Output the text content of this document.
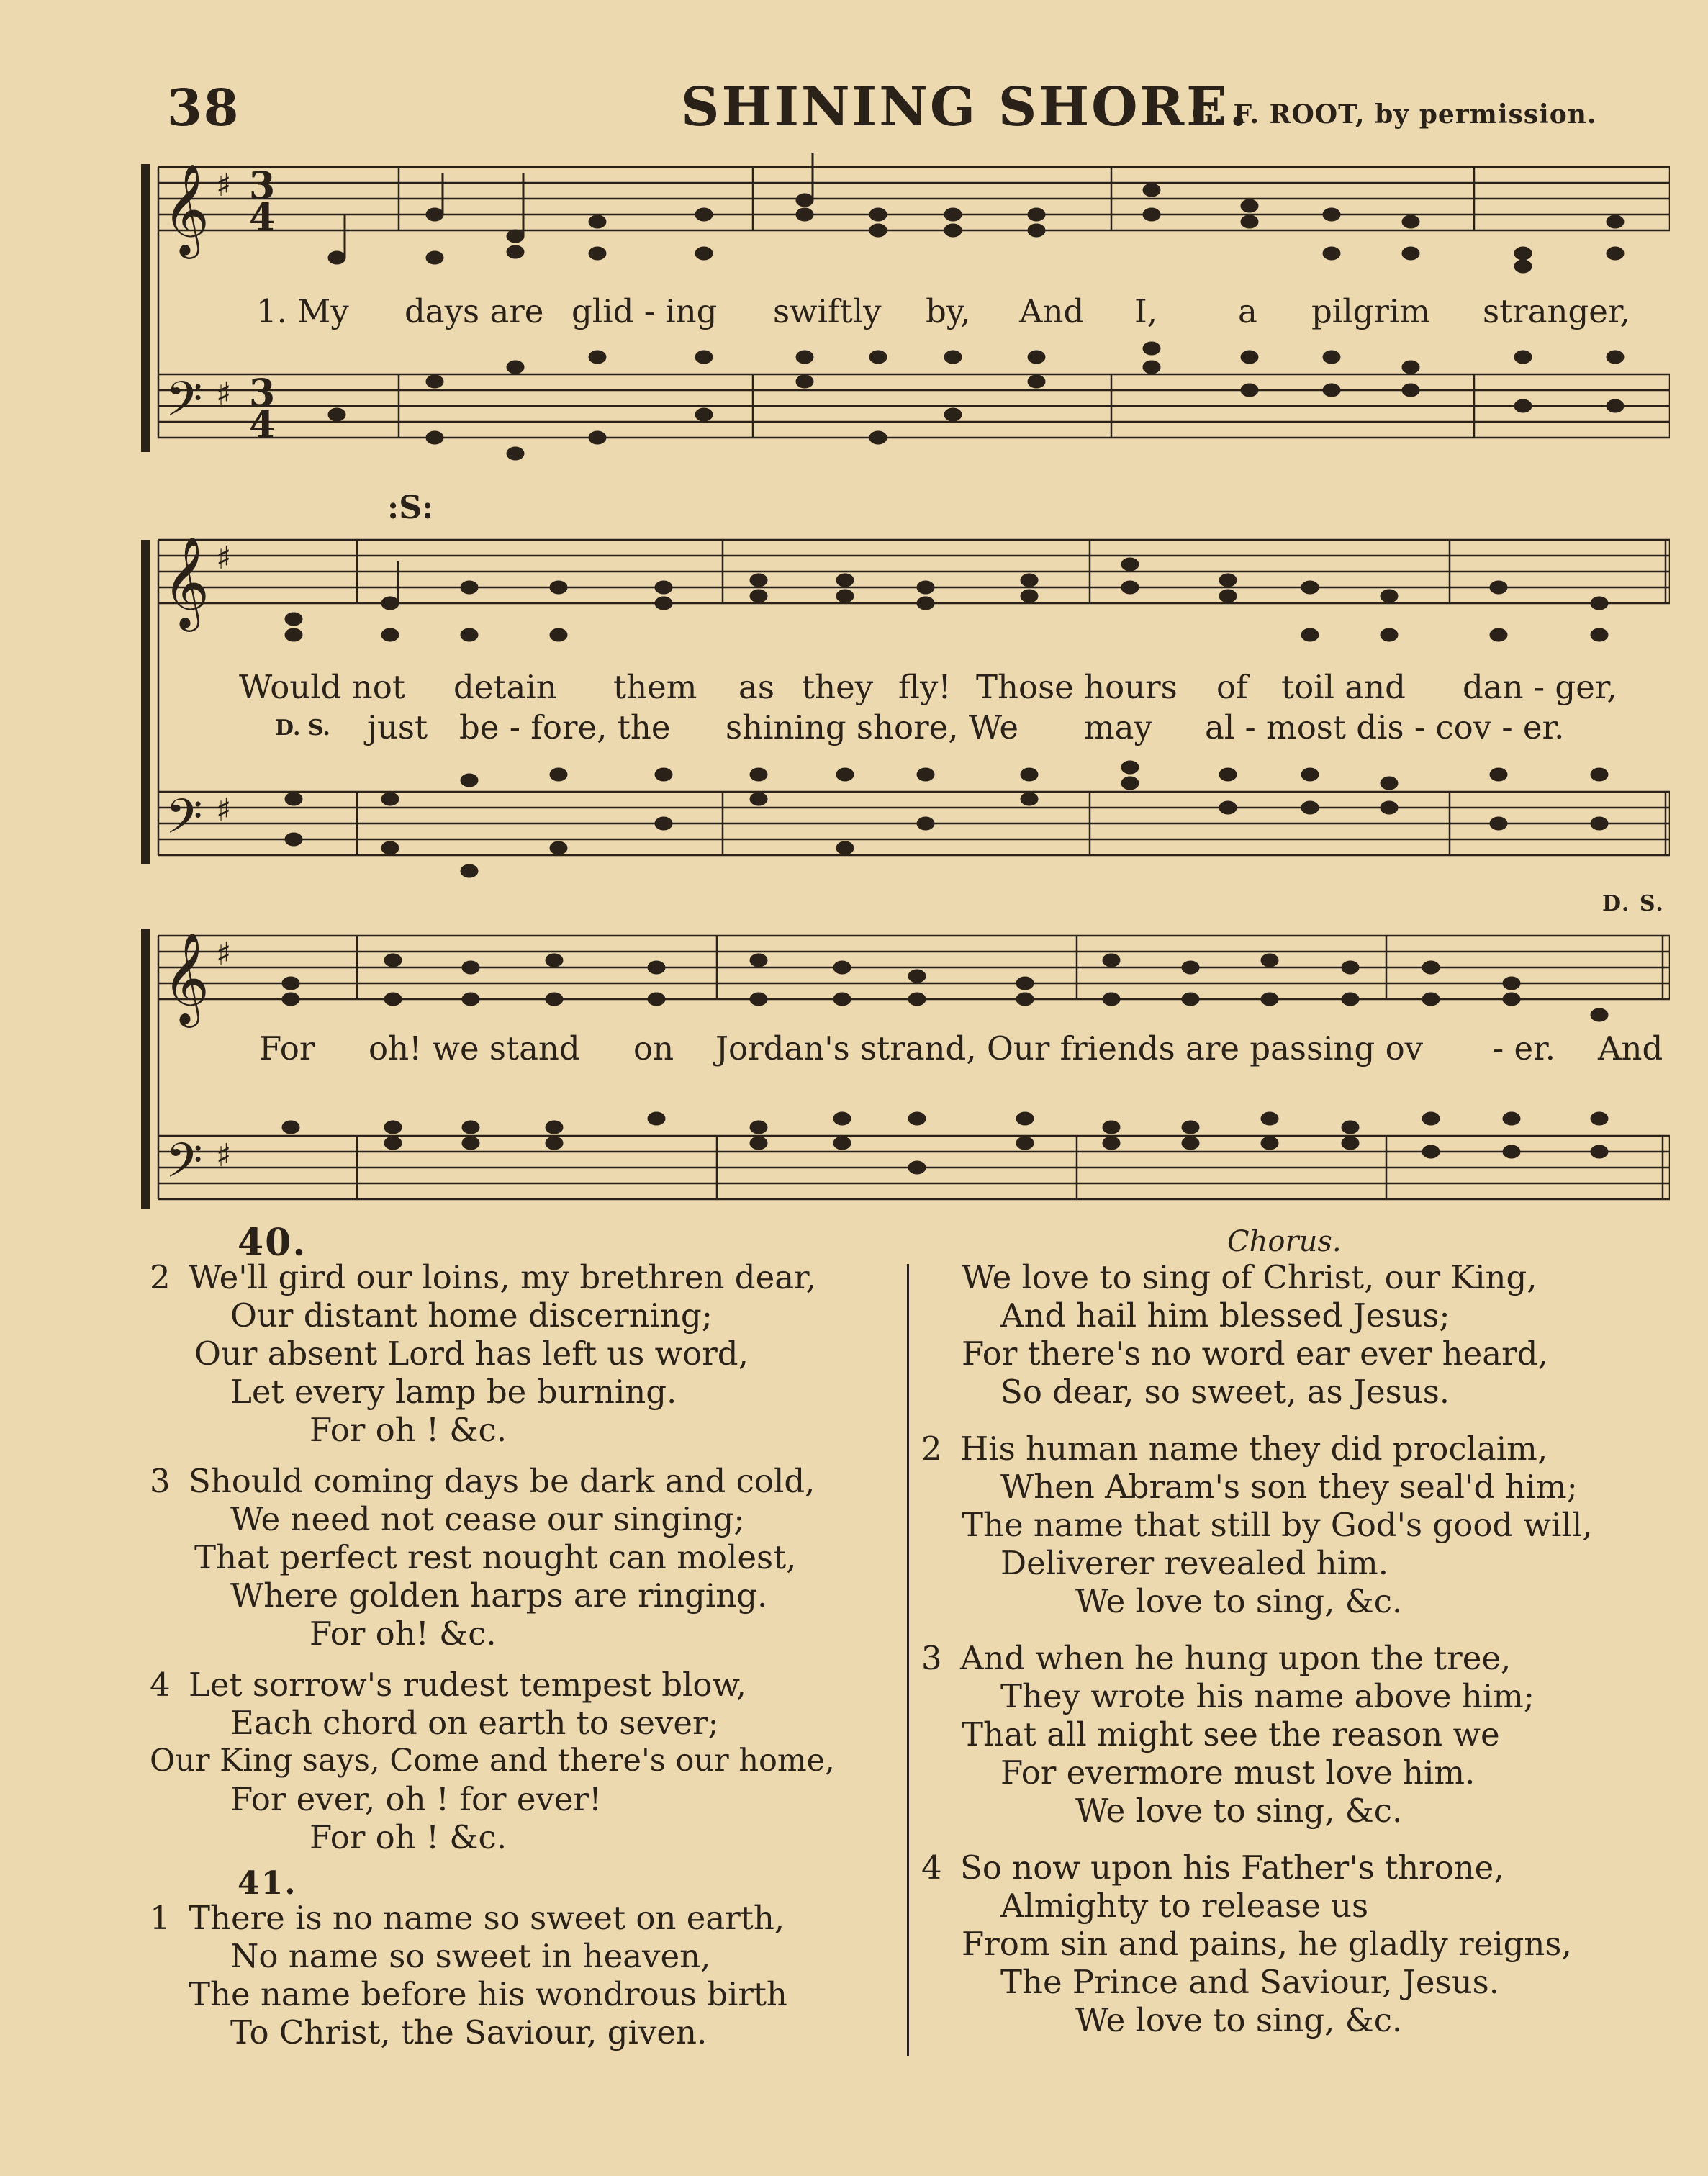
38	SHINING SHORE.
G. F. ROOT, by permission.
𝄞
𝄢
♯
♯
3
4
3
4
1. My days are glid - ing swiftly by, And I, a pilgrim stranger,
:S:
𝄞
𝄢
♯
♯
Would not detain them as they fly! Those hours of toil and dan - ger,
D. S. just be - fore, the shining shore, We may al - most dis - cov - er.
D. S.
𝄞
𝄢
♯
♯
For oh! we stand on Jordan's strand, Our friends are passing ov - er. And
40.
2 We'll gird our loins, my brethren dear,
Our distant home discerning;
Our absent Lord has left us word,
Let every lamp be burning.
For oh ! &c.
3 Should coming days be dark and cold,
We need not cease our singing;
That perfect rest nought can molest,
Where golden harps are ringing.
For oh! &c.
4 Let sorrow's rudest tempest blow,
Each chord on earth to sever;
Our King says, Come and there's our home,
For ever, oh ! for ever!
For oh ! &c.
41.
1 There is no name so sweet on earth,
No name so sweet in heaven,
The name before his wondrous birth
To Christ, the Saviour, given.
Chorus.
We love to sing of Christ, our King,
And hail him blessed Jesus;
For there's no word ear ever heard,
So dear, so sweet, as Jesus.
2 His human name they did proclaim,
When Abram's son they seal'd him;
The name that still by God's good will,
Deliverer revealed him.
We love to sing, &c.
3 And when he hung upon the tree,
They wrote his name above him;
That all might see the reason we
For evermore must love him.
We love to sing, &c.
4 So now upon his Father's throne,
Almighty to release us
From sin and pains, he gladly reigns,
The Prince and Saviour, Jesus.
We love to sing, &c.
